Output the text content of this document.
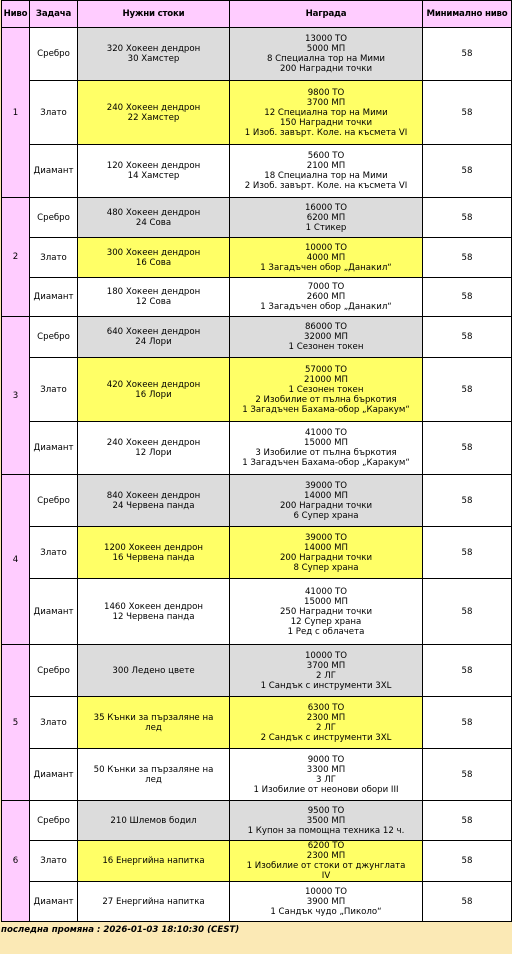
Ниво	Задача	Нужни стоки	Награда	Минимално ниво
1	Сребро	320 Хокеен дендрон
30 Хамстер	13000 ТО
5000 МП
8 Специална тор на Мими
200 Наградни точки	58
	Злато	240 Хокеен дендрон
22 Хамстер	9800 ТО
3700 МП
12 Специална тор на Мими
150 Наградни точки
1 Изоб. завърт. Коле. на късмета VI	58
	Диамант	120 Хокеен дендрон
14 Хамстер	5600 ТО
2100 МП
18 Специална тор на Мими
2 Изоб. завърт. Коле. на късмета VI	58
2	Сребро	480 Хокеен дендрон
24 Сова	16000 ТО
6200 МП
1 Стикер	58
	Злато	300 Хокеен дендрон
16 Сова	10000 ТО
4000 МП
1 Загадъчен обор „Данакил“	58
	Диамант	180 Хокеен дендрон
12 Сова	7000 ТО
2600 МП
1 Загадъчен обор „Данакил“	58
3	Сребро	640 Хокеен дендрон
24 Лори	86000 ТО
32000 МП
1 Сезонен токен	58
	Злато	420 Хокеен дендрон
16 Лори	57000 ТО
21000 МП
1 Сезонен токен
2 Изобилие от пълна бъркотия
1 Загадъчен Бахама-обор „Каракум“	58
	Диамант	240 Хокеен дендрон
12 Лори	41000 ТО
15000 МП
3 Изобилие от пълна бъркотия
1 Загадъчен Бахама-обор „Каракум“	58
4	Сребро	840 Хокеен дендрон
24 Червена панда	39000 ТО
14000 МП
200 Наградни точки
6 Супер храна	58
	Злато	1200 Хокеен дендрон
16 Червена панда	39000 ТО
14000 МП
200 Наградни точки
8 Супер храна	58
	Диамант	1460 Хокеен дендрон
12 Червена панда	41000 ТО
15000 МП
250 Наградни точки
12 Супер храна
1 Ред с облачета	58
5	Сребро	300 Ледено цвете	10000 ТО
3700 МП
2 ЛГ
1 Сандък с инструменти 3XL	58
	Злато	35 Кънки за пързаляне на
лед	6300 ТО
2300 МП
2 ЛГ
2 Сандък с инструменти 3XL	58
	Диамант	50 Кънки за пързаляне на
лед	9000 ТО
3300 МП
3 ЛГ
1 Изобилие от неонови обори III	58
6	Сребро	210 Шлемов бодил	9500 ТО
3500 МП
1 Купон за помощна техника 12 ч.	58
	Злато	16 Енергийна напитка	6200 ТО
2300 МП
1 Изобилие от стоки от джунглата
IV	58
	Диамант	27 Енергийна напитка	10000 ТО
3900 МП
1 Сандък чудо „Пиколо“	58
последна промяна : 2026-01-03 18:10:30 (CEST)
